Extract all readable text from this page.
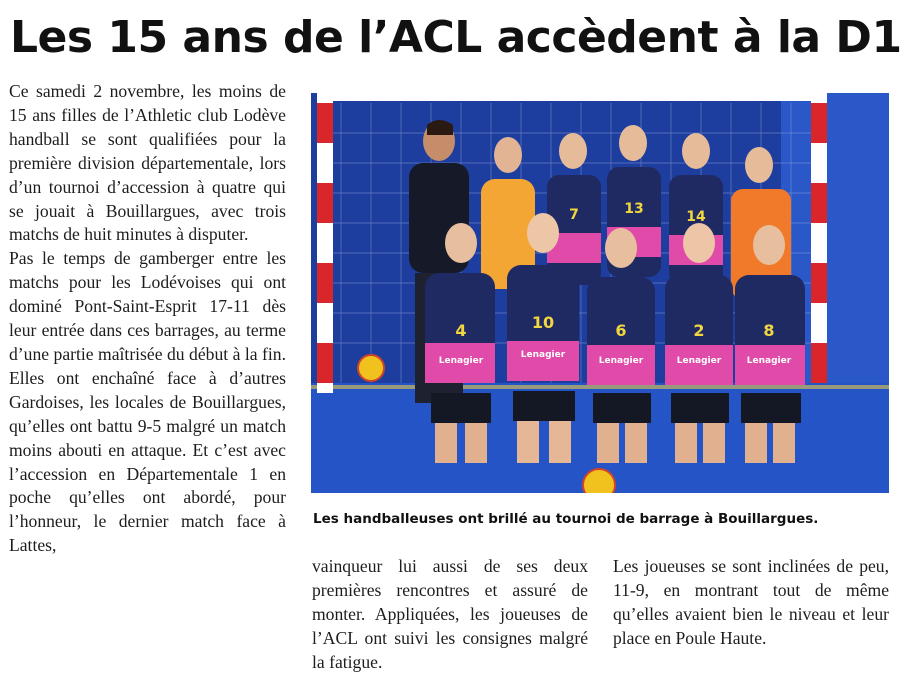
Les 15 ans de l’ACL accèdent à la D1

Ce samedi 2 novembre, les moins de 15 ans filles de l’Athletic club Lodève handball se sont qualifiées pour la première division départementale, lors d’un tournoi d’accession à quatre qui se jouait à Bouillargues, avec trois matchs de huit minutes à disputer.

Pas le temps de gamberger entre les matchs pour les Lodévoises qui ont dominé Pont-Saint-Esprit 17-11 dès leur entrée dans ces barrages, au terme d’une partie maîtrisée du début à la fin. Elles ont enchaîné face à d’autres Gardoises, les locales de Bouillargues, qu’elles ont battu 9-5 malgré un match moins abouti en attaque. Et c’est avec l’accession en Départementale 1 en poche qu’elles ont abordé, pour l’honneur, le dernier match face à Lattes,

7	13	14
4	10	6	2	8
Lenagier
Lenagier
Lenagier	Lenagier	Lenagier
Les handballeuses ont brillé au tournoi de barrage à Bouillargues.

vainqueur lui aussi de ses deux premières rencontres et assuré de monter. Appliquées, les joueuses de l’ACL ont suivi les consignes malgré la fatigue.

Les joueuses se sont inclinées de peu, 11-9, en montrant tout de même qu’elles avaient bien le niveau et leur place en Poule Haute.
